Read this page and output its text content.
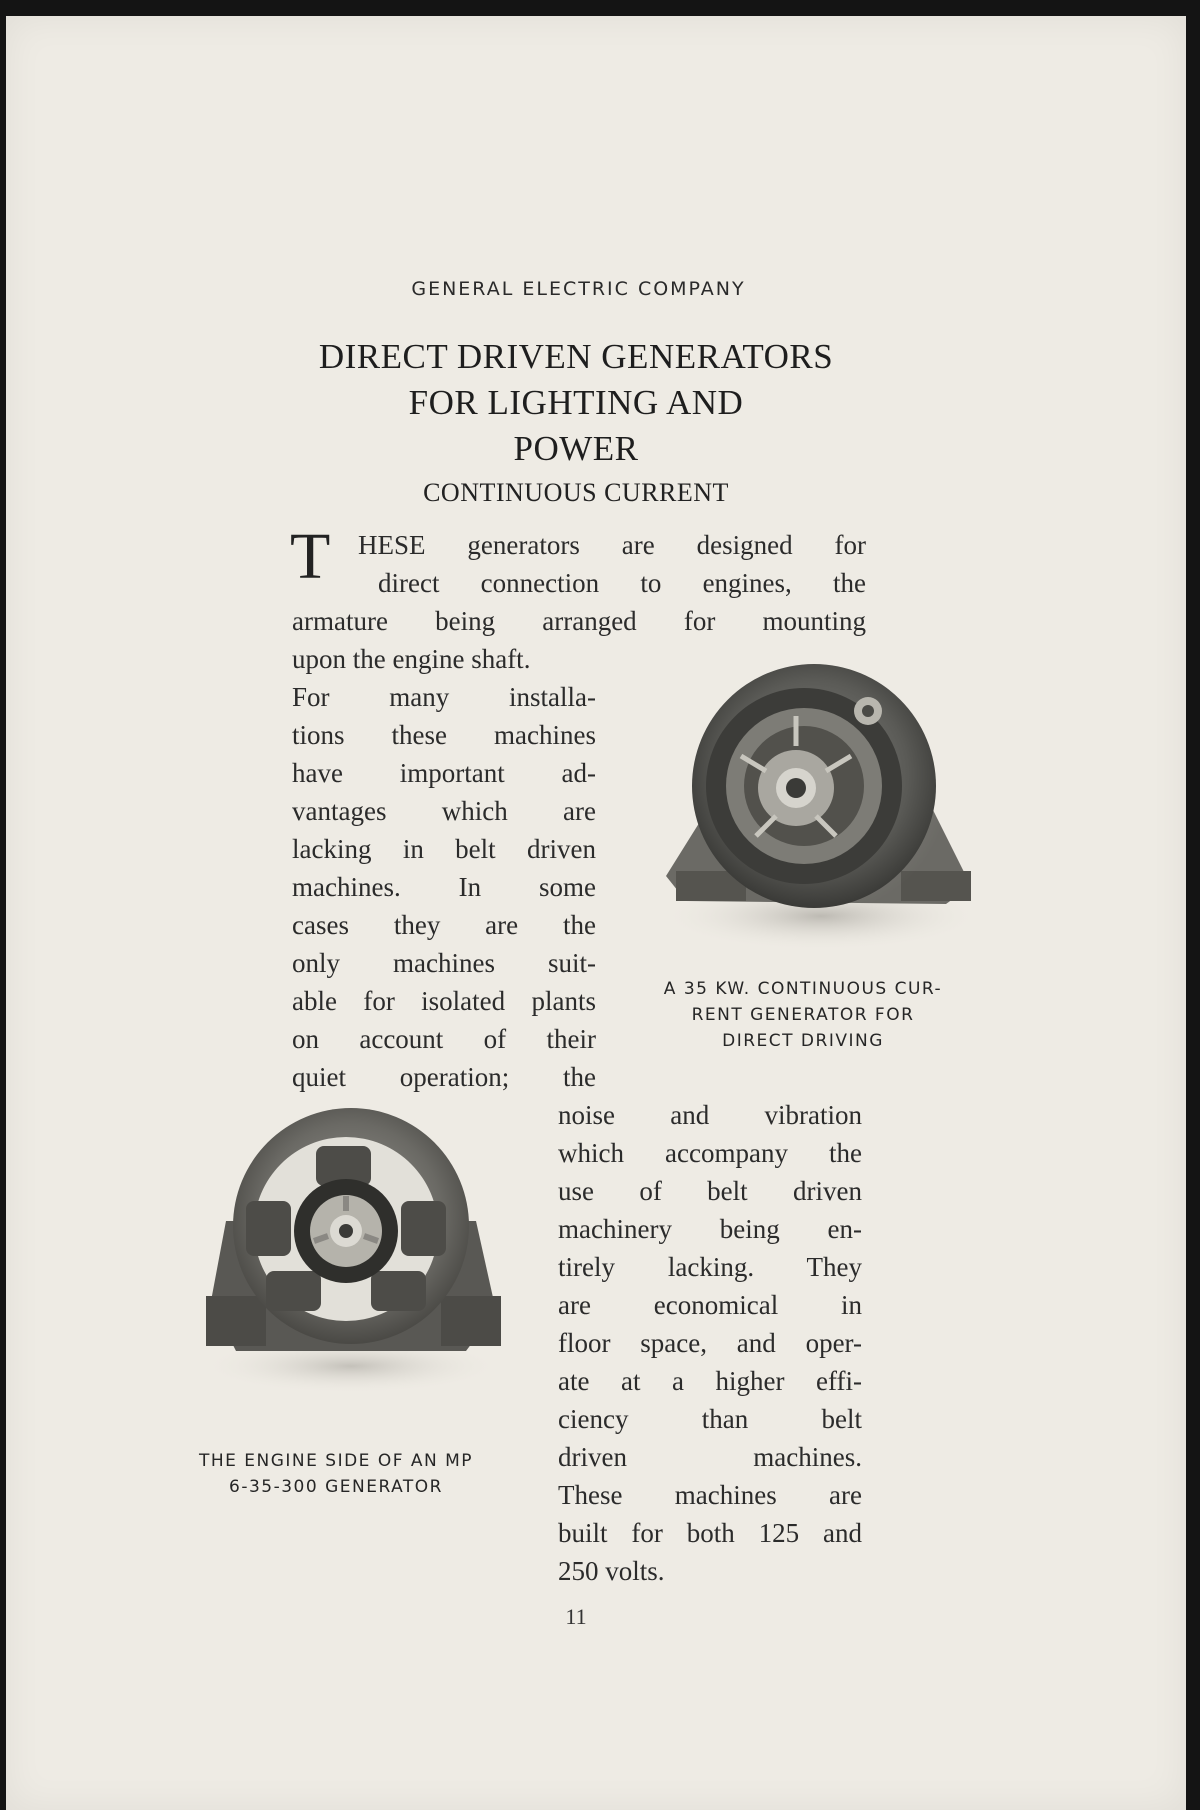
GENERAL ELECTRIC COMPANY
DIRECT DRIVEN GENERATORS
FOR LIGHTING AND
POWER
CONTINUOUS CURRENT
T HESE generators are designed for
direct connection to engines, the
armature being arranged for mounting
upon the engine shaft.
For many installa-
tions these machines
have important ad-
vantages which are
lacking in belt driven
machines. In some
cases they are the
only machines suit-
able for isolated plants
on account of their
quiet operation; the
noise and vibration
which accompany the
use of belt driven
machinery being en-
tirely lacking. They
are economical in
floor space, and oper-
ate at a higher effi-
ciency than belt
driven machines.
These machines are
built for both 125 and
250 volts.
A 35 KW. CONTINUOUS CUR-
RENT GENERATOR FOR
DIRECT DRIVING
THE ENGINE SIDE OF AN MP
6-35-300 GENERATOR
11
